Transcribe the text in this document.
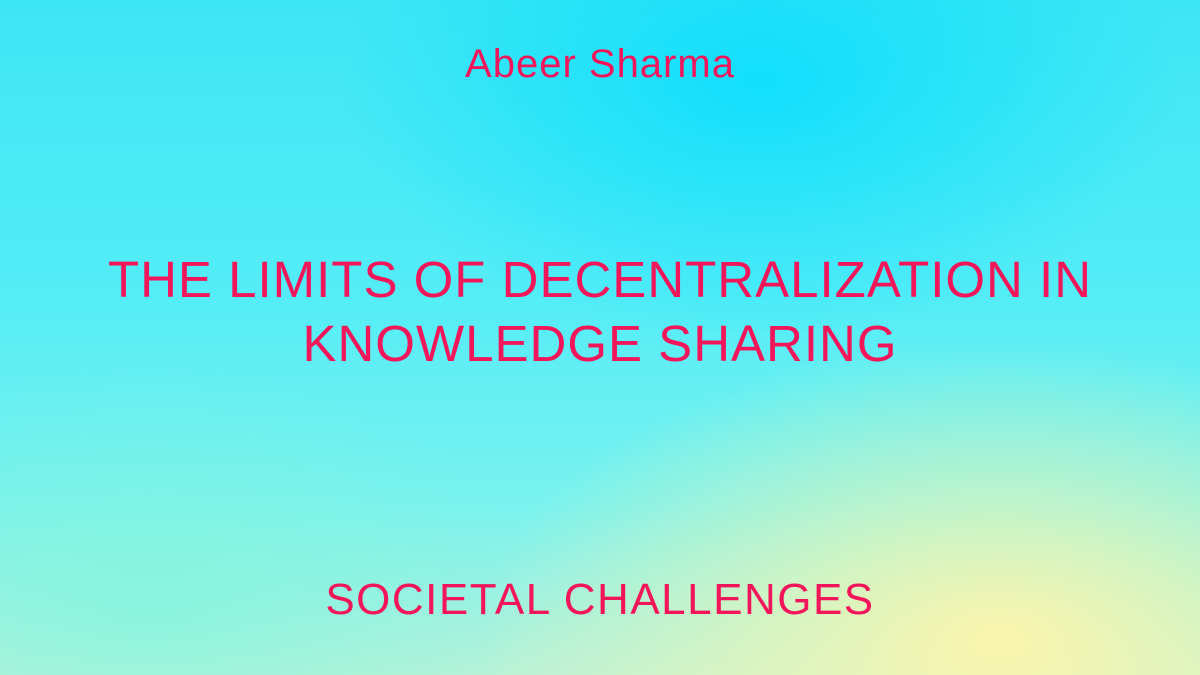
Abeer Sharma
THE LIMITS OF DECENTRALIZATION IN
KNOWLEDGE SHARING
SOCIETAL CHALLENGES
